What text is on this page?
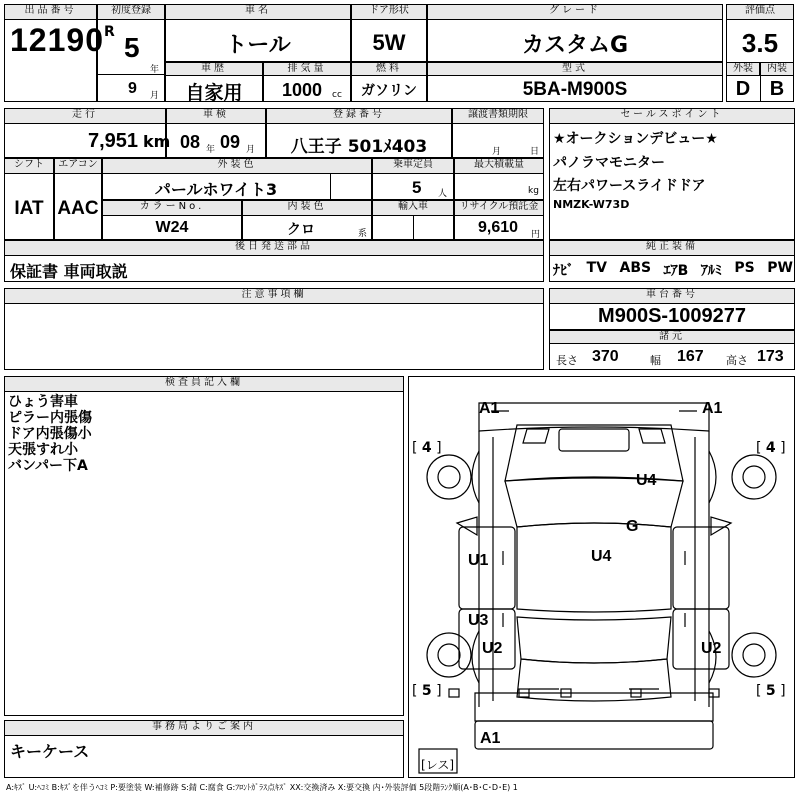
出品番号
12190
初度登録
R 5
年
9 月
車名
トール
ドア形状
5W
グレード
カスタムG
評価点
3.5
外装	内装
D B
車歴
自家用
排気量
1000 cc
燃料
ガソリン
型式
5BA-M900S
走行
7,951 km
車検
08 年 09 月
登録番号
八王子 501ﾒ403
譲渡書類期限
月	日
セールスポイント
★オークションデビュー★
パノラマモニター
左右パワースライドドア
NMZK-W73D
シフト
IAT
エアコン
AAC
外装色
パールホワイト3
乗車定員
5 人
最大積載量
kg
カラーNo.
W24
内装色
クロ	系
輸入車	リサイクル預託金
9,610 円
後日発送部品
保証書 車両取説
純正装備
ﾅﾋﾞ TV ABS ｴｱB ｱﾙﾐ PS PW
注意事項欄	車台番号
M900S-1009277
諸元
長さ 370	幅 167 高さ 173
検査員記入欄
ひょう害車
ピラー内張傷
ドア内張傷小
天張すれ小
バンパー下A
事務局よりご案内
キーケース
A1	A1
[ 4 ]	[ 4 ]
U4
G
U4
U1
U3
U2	U2
[ 5 ]	[ 5 ]
A1
[レス]
A:ｷｽﾞ U:ﾍｺﾐ B:ｷｽﾞを伴うﾍｺﾐ P:要塗装 W:補修跡 S:錆 C:腐食 G:ﾌﾛﾝﾄｶﾞﾗｽ点ｷｽﾞ XX:交換済み X:要交換 内･外装評価 5段階ﾗﾝｸ順(A･B･C･D･E) 1
